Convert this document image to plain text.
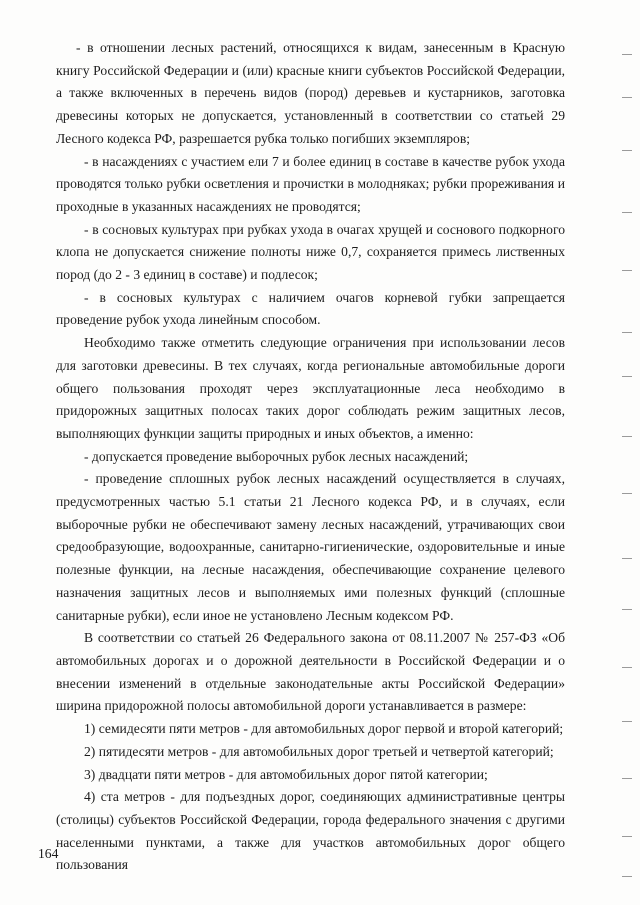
- в отношении лесных растений, относящихся к видам, занесенным в Красную книгу Российской Федерации и (или) красные книги субъектов Российской Федерации, а также включенных в перечень видов (пород) деревьев и кустарников, заготовка древесины которых не допускается, установленный в соответствии со статьей 29 Лесного кодекса РФ, разрешается рубка только погибших экземпляров;

- в насаждениях с участием ели 7 и более единиц в составе в качестве рубок ухода проводятся только рубки осветления и прочистки в молодняках; рубки прореживания и проходные в указанных насаждениях не проводятся;

- в сосновых культурах при рубках ухода в очагах хрущей и соснового подкорного клопа не допускается снижение полноты ниже 0,7, сохраняется примесь лиственных пород (до 2 - 3 единиц в составе) и подлесок;

- в сосновых культурах с наличием очагов корневой губки запрещается проведение рубок ухода линейным способом.

Необходимо также отметить следующие ограничения при использовании лесов для заготовки древесины. В тех случаях, когда региональные автомобильные дороги общего пользования проходят через эксплуатационные леса необходимо в придорожных защитных полосах таких дорог соблюдать режим защитных лесов, выполняющих функции защиты природных и иных объектов, а именно:

- допускается проведение выборочных рубок лесных насаждений;

- проведение сплошных рубок лесных насаждений осуществляется в случаях, предусмотренных частью 5.1 статьи 21 Лесного кодекса РФ, и в случаях, если выборочные рубки не обеспечивают замену лесных насаждений, утрачивающих свои средообразующие, водоохранные, санитарно-гигиенические, оздоровительные и иные полезные функции, на лесные насаждения, обеспечивающие сохранение целевого назначения защитных лесов и выполняемых ими полезных функций (сплошные санитарные рубки), если иное не установлено Лесным кодексом РФ.

В соответствии со статьей 26 Федерального закона от 08.11.2007 № 257-ФЗ «Об автомобильных дорогах и о дорожной деятельности в Российской Федерации и о внесении изменений в отдельные законодательные акты Российской Федерации» ширина придорожной полосы автомобильной дороги устанавливается в размере:

1) семидесяти пяти метров - для автомобильных дорог первой и второй категорий;

2) пятидесяти метров - для автомобильных дорог третьей и четвертой категорий;

3) двадцати пяти метров - для автомобильных дорог пятой категории;

4) ста метров - для подъездных дорог, соединяющих административные центры (столицы) субъектов Российской Федерации, города федерального значения с другими населенными пунктами, а также для участков автомобильных дорог общего пользования

164
